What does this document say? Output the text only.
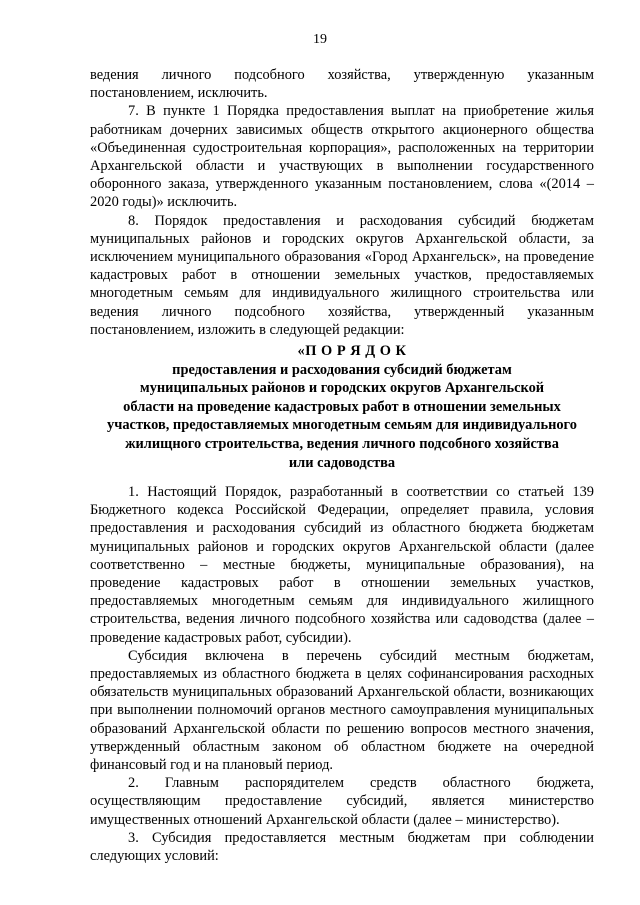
19

ведения личного подсобного хозяйства, утвержденную указанным постановлением, исключить.

7. В пункте 1 Порядка предоставления выплат на приобретение жилья работникам дочерних зависимых обществ открытого акционерного общества «Объединенная судостроительная корпорация», расположенных на территории Архангельской области и участвующих в выполнении государственного оборонного заказа, утвержденного указанным постановлением, слова «(2014 – 2020 годы)» исключить.

8. Порядок предоставления и расходования субсидий бюджетам муниципальных районов и городских округов Архангельской области, за исключением муниципального образования «Город Архангельск», на проведение кадастровых работ в отношении земельных участков, предоставляемых многодетным семьям для индивидуального жилищного строительства или ведения личного подсобного хозяйства, утвержденный указанным постановлением, изложить в следующей редакции:

«П О Р Я Д О К
предоставления и расходования субсидий бюджетам
муниципальных районов и городских округов Архангельской
области на проведение кадастровых работ в отношении земельных
участков, предоставляемых многодетным семьям для индивидуального
жилищного строительства, ведения личного подсобного хозяйства
или садоводства

1. Настоящий Порядок, разработанный в соответствии со статьей 139 Бюджетного кодекса Российской Федерации, определяет правила, условия предоставления и расходования субсидий из областного бюджета бюджетам муниципальных районов и городских округов Архангельской области (далее соответственно – местные бюджеты, муниципальные образования), на проведение кадастровых работ в отношении земельных участков, предоставляемых многодетным семьям для индивидуального жилищного строительства, ведения личного подсобного хозяйства или садоводства (далее – проведение кадастровых работ, субсидии).

Субсидия включена в перечень субсидий местным бюджетам, предоставляемых из областного бюджета в целях софинансирования расходных обязательств муниципальных образований Архангельской области, возникающих при выполнении полномочий органов местного самоуправления муниципальных образований Архангельской области по решению вопросов местного значения, утвержденный областным законом об областном бюджете на очередной финансовый год и на плановый период.

2. Главным распорядителем средств областного бюджета, осуществляющим предоставление субсидий, является министерство имущественных отношений Архангельской области (далее – министерство).

3. Субсидия предоставляется местным бюджетам при соблюдении следующих условий:
